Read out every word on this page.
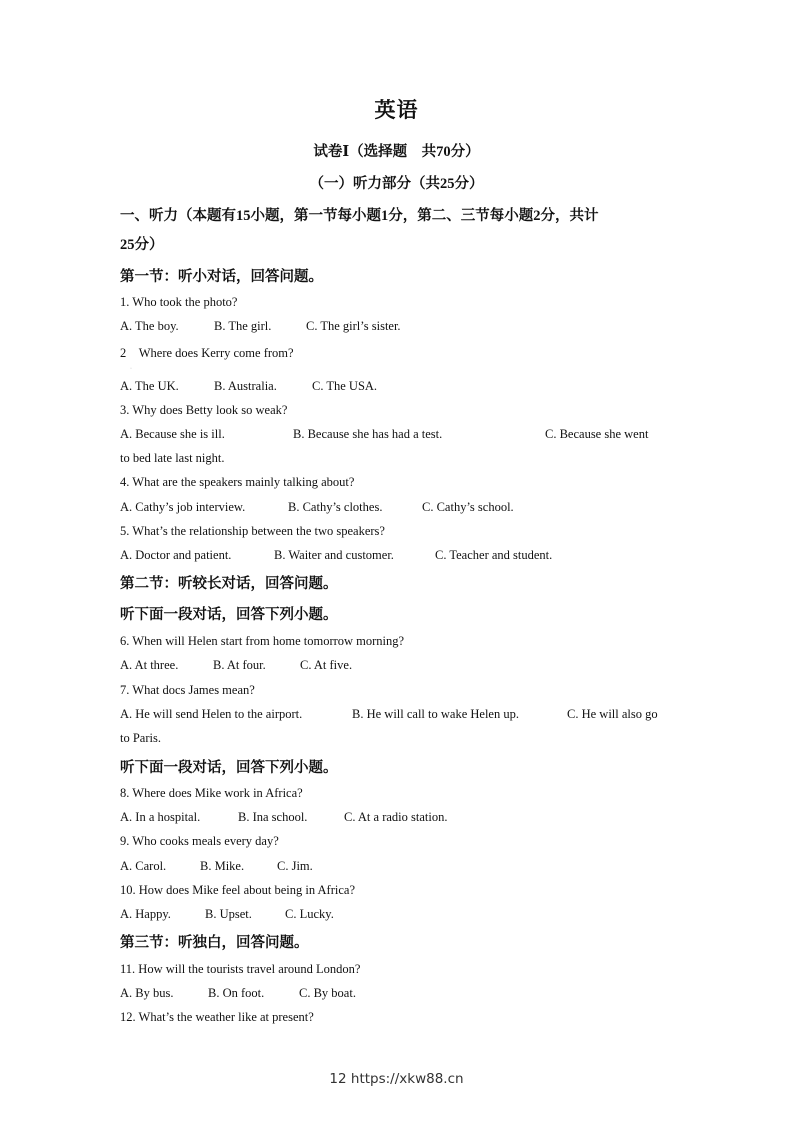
英语
试卷Ⅰ（选择题　共70分）
（一）听力部分（共25分）
一、听力（本题有15小题，第一节每小题1分，第二、三节每小题2分，共计
25分）
第一节：听小对话，回答问题。
1. Who took the photo?
A. The boy.	B. The girl.	C. The girl’s sister.
2　Where does Kerry come from?
·
A. The UK.	B. Australia.	C. The USA.
3. Why does Betty look so weak?
A. Because she is ill.	B. Because she has had a test.	C. Because she went
to bed late last night.
4. What are the speakers mainly talking about?
A. Cathy’s job interview.	B. Cathy’s clothes.	C. Cathy’s school.
5. What’s the relationship between the two speakers?
A. Doctor and patient.	B. Waiter and customer.	C. Teacher and student.
第二节：听较长对话，回答问题。
听下面一段对话，回答下列小题。
6. When will Helen start from home tomorrow morning?
A. At three.	B. At four.	C. At five.
7. What docs James mean?
A. He will send Helen to the airport.	B. He will call to wake Helen up.	C. He will also go
to Paris.
听下面一段对话，回答下列小题。
8. Where does Mike work in Africa?
A. In a hospital.	B. Ina school.	C. At a radio station.
9. Who cooks meals every day?
A. Carol.	B. Mike.	C. Jim.
10. How does Mike feel about being in Africa?
A. Happy.	B. Upset.	C. Lucky.
第三节：听独白，回答问题。
11. How will the tourists travel around London?
A. By bus.	B. On foot.	C. By boat.
12. What’s the weather like at present?
12 https://xkw88.cn
